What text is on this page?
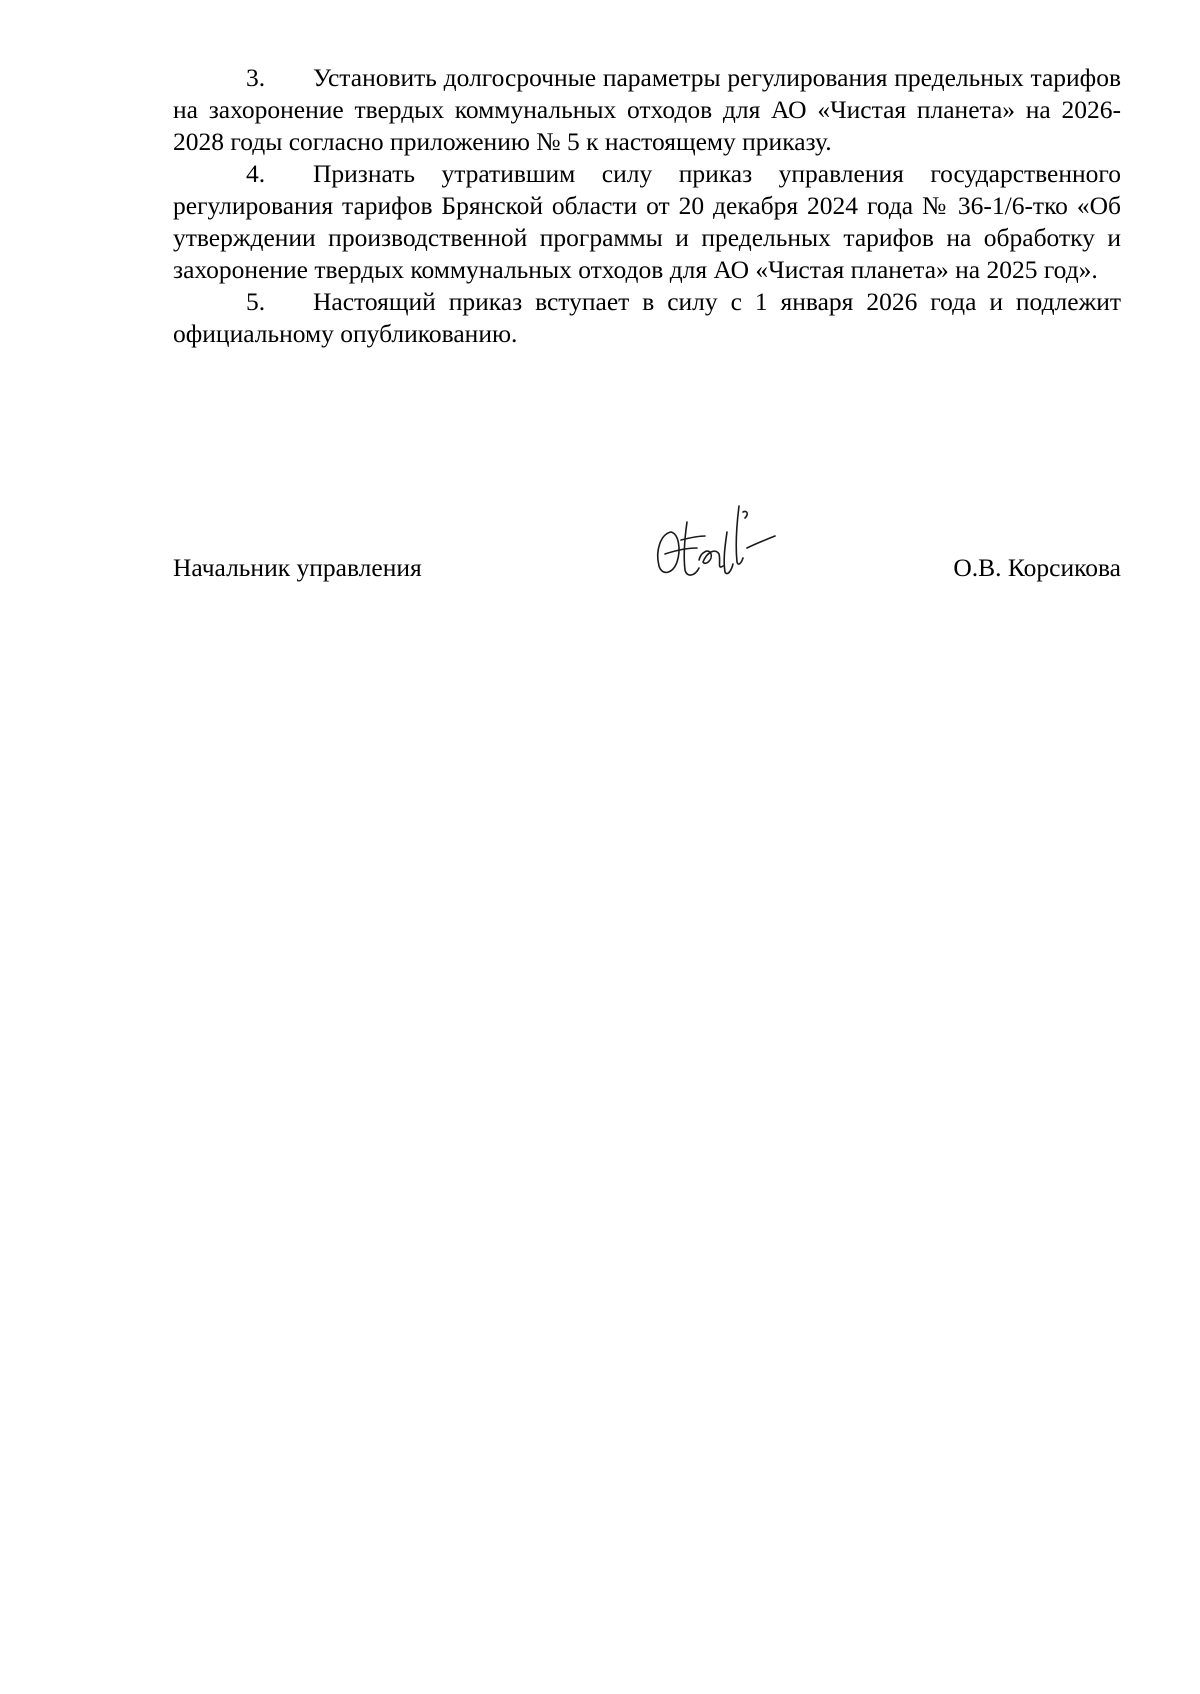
3. Установить долгосрочные параметры регулирования предельных тарифов на захоронение твердых коммунальных отходов для АО «Чистая планета» на 2026-2028 годы согласно приложению № 5 к настоящему приказу.

4. Признать утратившим силу приказ управления государственного регулирования тарифов Брянской области от 20 декабря 2024 года № 36-1/6-тко «Об утверждении производственной программы и предельных тарифов на обработку и захоронение твердых коммунальных отходов для АО «Чистая планета» на 2025 год».

5. Настоящий приказ вступает в силу с 1 января 2026 года и подлежит официальному опубликованию.

Начальник управления	О.В. Корсикова
